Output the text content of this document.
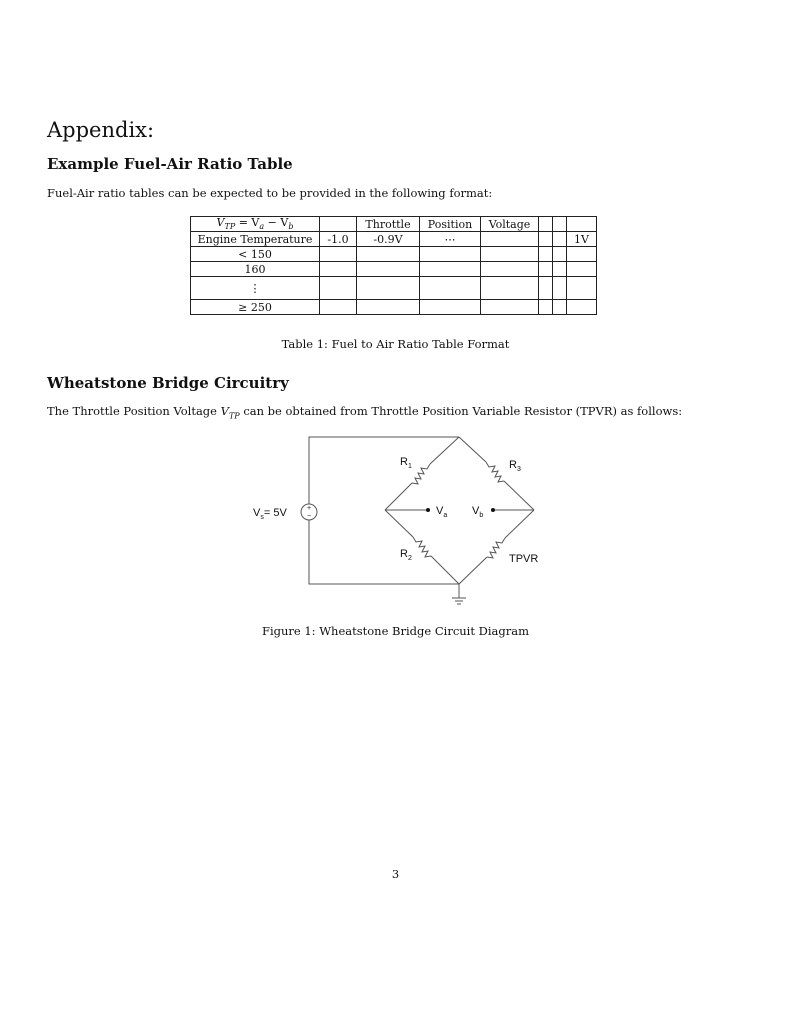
Appendix:
Example Fuel-Air Ratio Table

Fuel-Air ratio tables can be expected to be provided in the following format:

$V_{TP} = V_a - V_b$		Throttle	Position	Voltage			
Engine Temperature	-1.0	-0.9V	⋯				1V
< 150							
160							
⋮							
≥ 250							
Table 1: Fuel to Air Ratio Table Format
Wheatstone Bridge Circuitry

The Throttle Position Voltage $V_{TP}$ can be obtained from Throttle Position Variable Resistor (TPVR) as follows:

+
−
$V_s= 5V$
$R_1$	$R_3$
$R_2$
$V_a$ $V_b$
TPVR
Figure 1: Wheatstone Bridge Circuit Diagram
3
